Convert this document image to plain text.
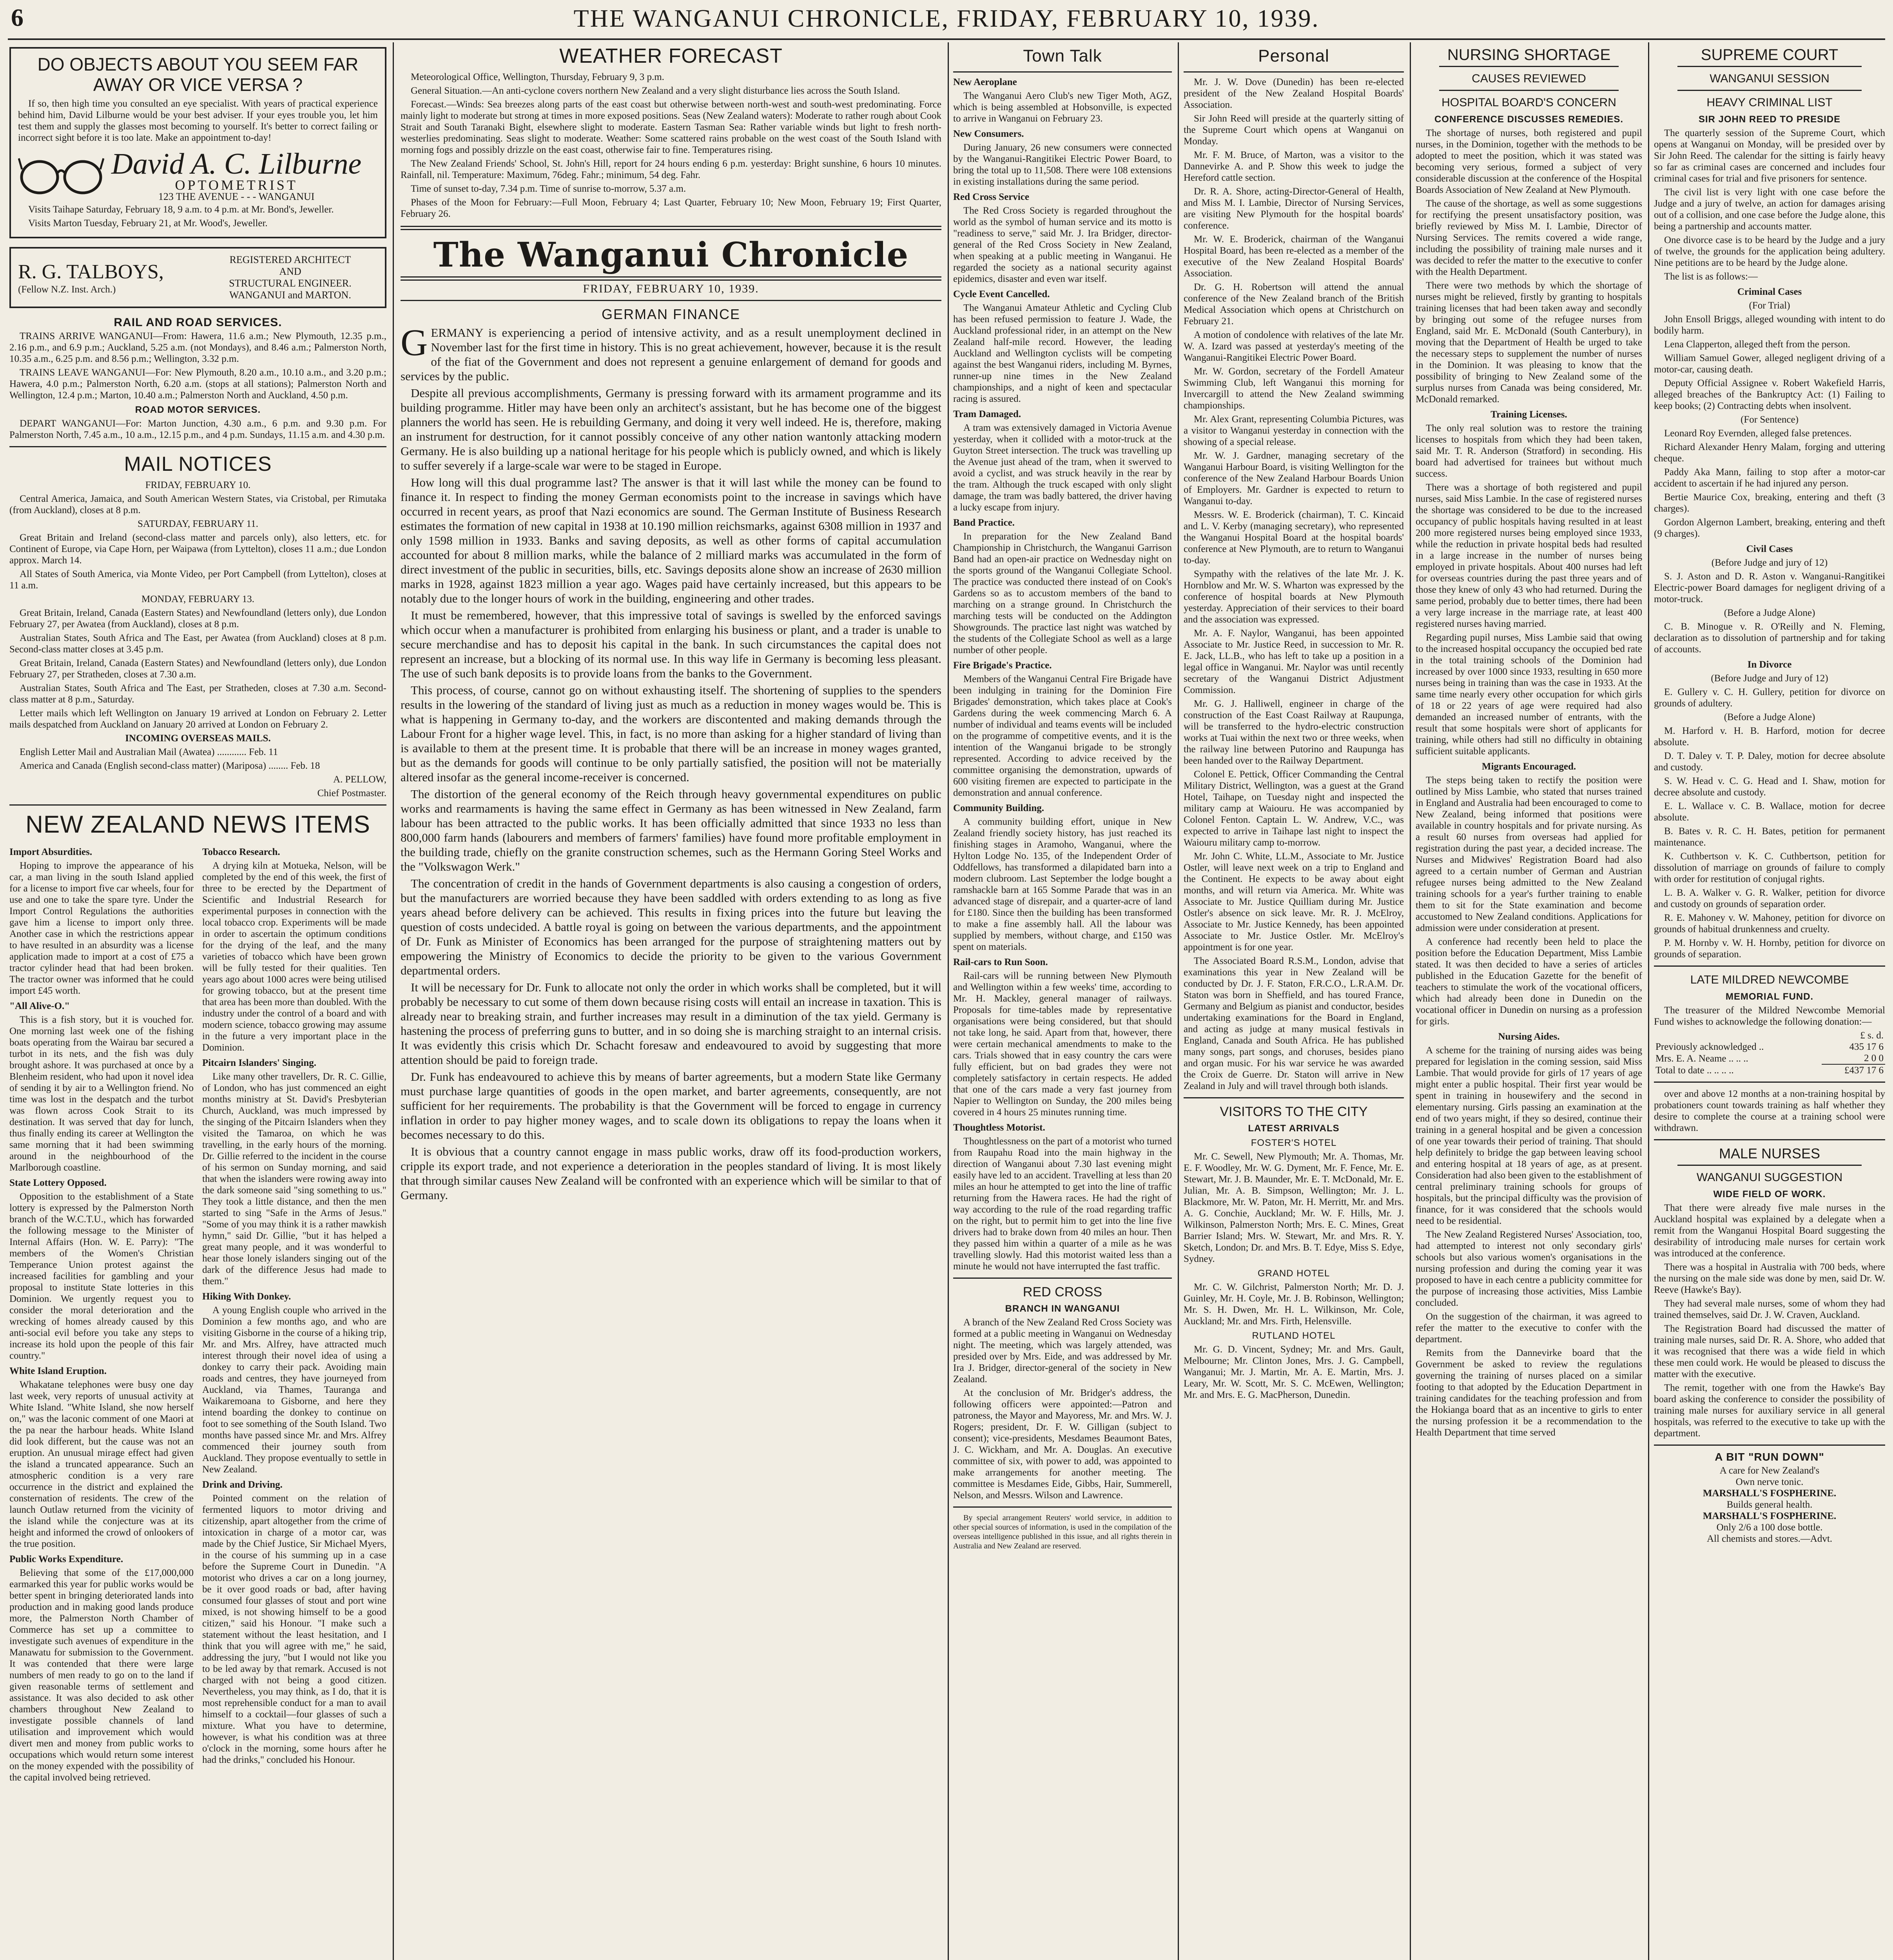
6	THE WANGANUI CHRONICLE, FRIDAY, FEBRUARY 10, 1939.
DO OBJECTS ABOUT YOU SEEM FAR AWAY OR VICE VERSA ?

If so, then high time you consulted an eye specialist. With years of practical experience behind him, David Lilburne would be your best adviser. If your eyes trouble you, let him test them and supply the glasses most becoming to yourself. It's better to correct failing or incorrect sight before it is too late. Make an appointment to-day!

David A. C. Lilburne
OPTOMETRIST
123 THE AVENUE - - - WANGANUI

Visits Taihape Saturday, February 18, 9 a.m. to 4 p.m. at Mr. Bond's, Jeweller.

Visits Marton Tuesday, February 21, at Mr. Wood's, Jeweller.

R. G. TALBOYS,
(Fellow N.Z. Inst. Arch.)
REGISTERED ARCHITECT
AND
STRUCTURAL ENGINEER.
WANGANUI and MARTON.
RAIL AND ROAD SERVICES.

TRAINS ARRIVE WANGANUI—From: Hawera, 11.6 a.m.; New Plymouth, 12.35 p.m., 2.16 p.m., and 6.9 p.m.; Auckland, 5.25 a.m. (not Mondays), and 8.46 a.m.; Palmerston North, 10.35 a.m., 6.25 p.m. and 8.56 p.m.; Wellington, 3.32 p.m.

TRAINS LEAVE WANGANUI—For: New Plymouth, 8.20 a.m., 10.10 a.m., and 3.20 p.m.; Hawera, 4.0 p.m.; Palmerston North, 6.20 a.m. (stops at all stations); Palmerston North and Wellington, 12.4 p.m.; Marton, 10.40 a.m.; Palmerston North and Auckland, 4.50 p.m.

ROAD MOTOR SERVICES.

DEPART WANGANUI—For: Marton Junction, 4.30 a.m., 6 p.m. and 9.30 p.m. For Palmerston North, 7.45 a.m., 10 a.m., 12.15 p.m., and 4 p.m. Sundays, 11.15 a.m. and 4.30 p.m.

MAIL NOTICES

FRIDAY, FEBRUARY 10.

Central America, Jamaica, and South American Western States, via Cristobal, per Rimutaka (from Auckland), closes at 8 p.m.

SATURDAY, FEBRUARY 11.

Great Britain and Ireland (second-class matter and parcels only), also letters, etc. for Continent of Europe, via Cape Horn, per Waipawa (from Lyttelton), closes 11 a.m.; due London approx. March 14.

All States of South America, via Monte Video, per Port Campbell (from Lyttelton), closes at 11 a.m.

MONDAY, FEBRUARY 13.

Great Britain, Ireland, Canada (Eastern States) and Newfoundland (letters only), due London February 27, per Awatea (from Auckland), closes at 8 p.m.

Australian States, South Africa and The East, per Awatea (from Auckland) closes at 8 p.m. Second-class matter closes at 3.45 p.m.

Great Britain, Ireland, Canada (Eastern States) and Newfoundland (letters only), due London February 27, per Stratheden, closes at 7.30 a.m.

Australian States, South Africa and The East, per Stratheden, closes at 7.30 a.m. Second-class matter at 8 p.m., Saturday.

Letter mails which left Wellington on January 19 arrived at London on February 2. Letter mails despatched from Auckland on January 20 arrived at London on February 2.

INCOMING OVERSEAS MAILS.

English Letter Mail and Australian Mail (Awatea) ............ Feb. 11

America and Canada (English second-class matter) (Mariposa) ........ Feb. 18

A. PELLOW,

Chief Postmaster.

NEW ZEALAND NEWS ITEMS

Import Absurdities.

Hoping to improve the appearance of his car, a man living in the south Island applied for a license to import five car wheels, four for use and one to take the spare tyre. Under the Import Control Regulations the authorities gave him a license to import only three. Another case in which the restrictions appear to have resulted in an absurdity was a license application made to import at a cost of £75 a tractor cylinder head that had been broken. The tractor owner was informed that he could import £45 worth.

"All Alive-O."

This is a fish story, but it is vouched for. One morning last week one of the fishing boats operating from the Wairau bar secured a turbot in its nets, and the fish was duly brought ashore. It was purchased at once by a Blenheim resident, who had upon it novel idea of sending it by air to a Wellington friend. No time was lost in the despatch and the turbot was flown across Cook Strait to its destination. It was served that day for lunch, thus finally ending its career at Wellington the same morning that it had been swimming around in the neighbourhood of the Marlborough coastline.

State Lottery Opposed.

Opposition to the establishment of a State lottery is expressed by the Palmerston North branch of the W.C.T.U., which has forwarded the following message to the Minister of Internal Affairs (Hon. W. E. Parry): "The members of the Women's Christian Temperance Union protest against the increased facilities for gambling and your proposal to institute State lotteries in this Dominion. We urgently request you to consider the moral deterioration and the wrecking of homes already caused by this anti-social evil before you take any steps to increase its hold upon the people of this fair country."

White Island Eruption.

Whakatane telephones were busy one day last week, very reports of unusual activity at White Island. "White Island, she now herself on," was the laconic comment of one Maori at the pa near the harbour heads. White Island did look different, but the cause was not an eruption. An unusual mirage effect had given the island a truncated appearance. Such an atmospheric condition is a very rare occurrence in the district and explained the consternation of residents. The crew of the launch Outlaw returned from the vicinity of the island while the conjecture was at its height and informed the crowd of onlookers of the true position.

Public Works Expenditure.

Believing that some of the £17,000,000 earmarked this year for public works would be better spent in bringing deteriorated lands into production and in making good lands produce more, the Palmerston North Chamber of Commerce has set up a committee to investigate such avenues of expenditure in the Manawatu for submission to the Government. It was contended that there were large numbers of men ready to go on to the land if given reasonable terms of settlement and assistance. It was also decided to ask other chambers throughout New Zealand to investigate possible channels of land utilisation and improvement which would divert men and money from public works to occupations which would return some interest on the money expended with the possibility of the capital involved being retrieved.

Tobacco Research.

A drying kiln at Motueka, Nelson, will be completed by the end of this week, the first of three to be erected by the Department of Scientific and Industrial Research for experimental purposes in connection with the local tobacco crop. Experiments will be made in order to ascertain the optimum conditions for the drying of the leaf, and the many varieties of tobacco which have been grown will be fully tested for their qualities. Ten years ago about 1000 acres were being utilised for growing tobacco, but at the present time that area has been more than doubled. With the industry under the control of a board and with modern science, tobacco growing may assume in the future a very important place in the Dominion.

Pitcairn Islanders' Singing.

Like many other travellers, Dr. R. C. Gillie, of London, who has just commenced an eight months ministry at St. David's Presbyterian Church, Auckland, was much impressed by the singing of the Pitcairn Islanders when they visited the Tamaroa, on which he was travelling, in the early hours of the morning. Dr. Gillie referred to the incident in the course of his sermon on Sunday morning, and said that when the islanders were rowing away into the dark someone said "sing something to us." They took a little distance, and then the men started to sing "Safe in the Arms of Jesus." "Some of you may think it is a rather mawkish hymn," said Dr. Gillie, "but it has helped a great many people, and it was wonderful to hear those lonely islanders singing out of the dark of the difference Jesus had made to them."

Hiking With Donkey.

A young English couple who arrived in the Dominion a few months ago, and who are visiting Gisborne in the course of a hiking trip, Mr. and Mrs. Alfrey, have attracted much interest through their novel idea of using a donkey to carry their pack. Avoiding main roads and centres, they have journeyed from Auckland, via Thames, Tauranga and Waikaremoana to Gisborne, and here they intend boarding the donkey to continue on foot to see something of the South Island. Two months have passed since Mr. and Mrs. Alfrey commenced their journey south from Auckland. They propose eventually to settle in New Zealand.

Drink and Driving.

Pointed comment on the relation of fermented liquors to motor driving and citizenship, apart altogether from the crime of intoxication in charge of a motor car, was made by the Chief Justice, Sir Michael Myers, in the course of his summing up in a case before the Supreme Court in Dunedin. "A motorist who drives a car on a long journey, be it over good roads or bad, after having consumed four glasses of stout and port wine mixed, is not showing himself to be a good citizen," said his Honour. "I make such a statement without the least hesitation, and I think that you will agree with me," he said, addressing the jury, "but I would not like you to be led away by that remark. Accused is not charged with not being a good citizen. Nevertheless, you may think, as I do, that it is most reprehensible conduct for a man to avail himself to a cocktail—four glasses of such a mixture. What you have to determine, however, is what his condition was at three o'clock in the morning, some hours after he had the drinks," concluded his Honour.

WEATHER FORECAST

Meteorological Office, Wellington, Thursday, February 9, 3 p.m.

General Situation.—An anti-cyclone covers northern New Zealand and a very slight disturbance lies across the South Island.

Forecast.—Winds: Sea breezes along parts of the east coast but otherwise between north-west and south-west predominating. Force mainly light to moderate but strong at times in more exposed positions. Seas (New Zealand waters): Moderate to rather rough about Cook Strait and South Taranaki Bight, elsewhere slight to moderate. Eastern Tasman Sea: Rather variable winds but light to fresh north-westerlies predominating. Seas slight to moderate. Weather: Some scattered rains probable on the west coast of the South Island with morning fogs and possibly drizzle on the east coast, otherwise fair to fine. Temperatures rising.

The New Zealand Friends' School, St. John's Hill, report for 24 hours ending 6 p.m. yesterday: Bright sunshine, 6 hours 10 minutes. Rainfall, nil. Temperature: Maximum, 76deg. Fahr.; minimum, 54 deg. Fahr.

Time of sunset to-day, 7.34 p.m. Time of sunrise to-morrow, 5.37 a.m.

Phases of the Moon for February:—Full Moon, February 4; Last Quarter, February 10; New Moon, February 19; First Quarter, February 26.

The Wanganui Chronicle
FRIDAY, FEBRUARY 10, 1939.
GERMAN FINANCE

GERMANY is experiencing a period of intensive activity, and as a result unemployment declined in November last for the first time in history. This is no great achievement, however, because it is the result of the fiat of the Government and does not represent a genuine enlargement of demand for goods and services by the public.

Despite all previous accomplishments, Germany is pressing forward with its armament programme and its building programme. Hitler may have been only an architect's assistant, but he has become one of the biggest planners the world has seen. He is rebuilding Germany, and doing it very well indeed. He is, therefore, making an instrument for destruction, for it cannot possibly conceive of any other nation wantonly attacking modern Germany. He is also building up a national heritage for his people which is publicly owned, and which is likely to suffer severely if a large-scale war were to be staged in Europe.

How long will this dual programme last? The answer is that it will last while the money can be found to finance it. In respect to finding the money German economists point to the increase in savings which have occurred in recent years, as proof that Nazi economics are sound. The German Institute of Business Research estimates the formation of new capital in 1938 at 10.190 million reichsmarks, against 6308 million in 1937 and only 1598 million in 1933. Banks and saving deposits, as well as other forms of capital accumulation accounted for about 8 million marks, while the balance of 2 milliard marks was accumulated in the form of direct investment of the public in securities, bills, etc. Savings deposits alone show an increase of 2630 million marks in 1928, against 1823 million a year ago. Wages paid have certainly increased, but this appears to be notably due to the longer hours of work in the building, engineering and other trades.

It must be remembered, however, that this impressive total of savings is swelled by the enforced savings which occur when a manufacturer is prohibited from enlarging his business or plant, and a trader is unable to secure merchandise and has to deposit his capital in the bank. In such circumstances the capital does not represent an increase, but a blocking of its normal use. In this way life in Germany is becoming less pleasant. The use of such bank deposits is to provide loans from the banks to the Government.

This process, of course, cannot go on without exhausting itself. The shortening of supplies to the spenders results in the lowering of the standard of living just as much as a reduction in money wages would be. This is what is happening in Germany to-day, and the workers are discontented and making demands through the Labour Front for a higher wage level. This, in fact, is no more than asking for a higher standard of living than is available to them at the present time. It is probable that there will be an increase in money wages granted, but as the demands for goods will continue to be only partially satisfied, the position will not be materially altered insofar as the general income-receiver is concerned.

The distortion of the general economy of the Reich through heavy governmental expenditures on public works and rearmaments is having the same effect in Germany as has been witnessed in New Zealand, farm labour has been attracted to the public works. It has been officially admitted that since 1933 no less than 800,000 farm hands (labourers and members of farmers' families) have found more profitable employment in the building trade, chiefly on the granite construction schemes, such as the Hermann Goring Steel Works and the "Volkswagon Werk."

The concentration of credit in the hands of Government departments is also causing a congestion of orders, but the manufacturers are worried because they have been saddled with orders extending to as long as five years ahead before delivery can be achieved. This results in fixing prices into the future but leaving the question of costs undecided. A battle royal is going on between the various departments, and the appointment of Dr. Funk as Minister of Economics has been arranged for the purpose of straightening matters out by empowering the Ministry of Economics to decide the priority to be given to the various Government departmental orders.

It will be necessary for Dr. Funk to allocate not only the order in which works shall be completed, but it will probably be necessary to cut some of them down because rising costs will entail an increase in taxation. This is already near to breaking strain, and further increases may result in a diminution of the tax yield. Germany is hastening the process of preferring guns to butter, and in so doing she is marching straight to an internal crisis. It was evidently this crisis which Dr. Schacht foresaw and endeavoured to avoid by suggesting that more attention should be paid to foreign trade.

Dr. Funk has endeavoured to achieve this by means of barter agreements, but a modern State like Germany must purchase large quantities of goods in the open market, and barter agreements, consequently, are not sufficient for her requirements. The probability is that the Government will be forced to engage in currency inflation in order to pay higher money wages, and to scale down its obligations to repay the loans when it becomes necessary to do this.

It is obvious that a country cannot engage in mass public works, draw off its food-production workers, cripple its export trade, and not experience a deterioration in the peoples standard of living. It is most likely that through similar causes New Zealand will be confronted with an experience which will be similar to that of Germany.

Town Talk

New Aeroplane

The Wanganui Aero Club's new Tiger Moth, AGZ, which is being assembled at Hobsonville, is expected to arrive in Wanganui on February 23.

New Consumers.

During January, 26 new consumers were connected by the Wanganui-Rangitikei Electric Power Board, to bring the total up to 11,508. There were 108 extensions in existing installations during the same period.

Red Cross Service

The Red Cross Society is regarded throughout the world as the symbol of human service and its motto is "readiness to serve," said Mr. J. Ira Bridger, director-general of the Red Cross Society in New Zealand, when speaking at a public meeting in Wanganui. He regarded the society as a national security against epidemics, disaster and even war itself.

Cycle Event Cancelled.

The Wanganui Amateur Athletic and Cycling Club has been refused permission to feature J. Wade, the Auckland professional rider, in an attempt on the New Zealand half-mile record. However, the leading Auckland and Wellington cyclists will be competing against the best Wanganui riders, including M. Byrnes, runner-up nine times in the New Zealand championships, and a night of keen and spectacular racing is assured.

Tram Damaged.

A tram was extensively damaged in Victoria Avenue yesterday, when it collided with a motor-truck at the Guyton Street intersection. The truck was travelling up the Avenue just ahead of the tram, when it swerved to avoid a cyclist, and was struck heavily in the rear by the tram. Although the truck escaped with only slight damage, the tram was badly battered, the driver having a lucky escape from injury.

Band Practice.

In preparation for the New Zealand Band Championship in Christchurch, the Wanganui Garrison Band had an open-air practice on Wednesday night on the sports ground of the Wanganui Collegiate School. The practice was conducted there instead of on Cook's Gardens so as to accustom members of the band to marching on a strange ground. In Christchurch the marching tests will be conducted on the Addington Showgrounds. The practice last night was watched by the students of the Collegiate School as well as a large number of other people.

Fire Brigade's Practice.

Members of the Wanganui Central Fire Brigade have been indulging in training for the Dominion Fire Brigades' demonstration, which takes place at Cook's Gardens during the week commencing March 6. A number of individual and teams events will be included on the programme of competitive events, and it is the intention of the Wanganui brigade to be strongly represented. According to advice received by the committee organising the demonstration, upwards of 600 visiting firemen are expected to participate in the demonstration and annual conference.

Community Building.

A community building effort, unique in New Zealand friendly society history, has just reached its finishing stages in Aramoho, Wanganui, where the Hylton Lodge No. 135, of the Independent Order of Oddfellows, has transformed a dilapidated barn into a modern clubroom. Last September the lodge bought a ramshackle barn at 165 Somme Parade that was in an advanced stage of disrepair, and a quarter-acre of land for £180. Since then the building has been transformed to make a fine assembly hall. All the labour was supplied by members, without charge, and £150 was spent on materials.

Rail-cars to Run Soon.

Rail-cars will be running between New Plymouth and Wellington within a few weeks' time, according to Mr. H. Mackley, general manager of railways. Proposals for time-tables made by representative organisations were being considered, but that should not take long, he said. Apart from that, however, there were certain mechanical amendments to make to the cars. Trials showed that in easy country the cars were fully efficient, but on bad grades they were not completely satisfactory in certain respects. He added that one of the cars made a very fast journey from Napier to Wellington on Sunday, the 200 miles being covered in 4 hours 25 minutes running time.

Thoughtless Motorist.

Thoughtlessness on the part of a motorist who turned from Raupahu Road into the main highway in the direction of Wanganui about 7.30 last evening might easily have led to an accident. Travelling at less than 20 miles an hour he attempted to get into the line of traffic returning from the Hawera races. He had the right of way according to the rule of the road regarding traffic on the right, but to permit him to get into the line five drivers had to brake down from 40 miles an hour. Then they passed him within a quarter of a mile as he was travelling slowly. Had this motorist waited less than a minute he would not have interrupted the fast traffic.

RED CROSS
BRANCH IN WANGANUI

A branch of the New Zealand Red Cross Society was formed at a public meeting in Wanganui on Wednesday night. The meeting, which was largely attended, was presided over by Mrs. Eide, and was addressed by Mr. Ira J. Bridger, director-general of the society in New Zealand.

At the conclusion of Mr. Bridger's address, the following officers were appointed:—Patron and patroness, the Mayor and Mayoress, Mr. and Mrs. W. J. Rogers; president, Dr. F. W. Gilligan (subject to consent); vice-presidents, Mesdames Beaumont Bates, J. C. Wickham, and Mr. A. Douglas. An executive committee of six, with power to add, was appointed to make arrangements for another meeting. The committee is Mesdames Eide, Gibbs, Hair, Summerell, Nelson, and Messrs. Wilson and Lawrence.

By special arrangement Reuters' world service, in addition to other special sources of information, is used in the compilation of the overseas intelligence published in this issue, and all rights therein in Australia and New Zealand are reserved.

Personal

Mr. J. W. Dove (Dunedin) has been re-elected president of the New Zealand Hospital Boards' Association.

Sir John Reed will preside at the quarterly sitting of the Supreme Court which opens at Wanganui on Monday.

Mr. F. M. Bruce, of Marton, was a visitor to the Dannevirke A. and P. Show this week to judge the Hereford cattle section.

Dr. R. A. Shore, acting-Director-General of Health, and Miss M. I. Lambie, Director of Nursing Services, are visiting New Plymouth for the hospital boards' conference.

Mr. W. E. Broderick, chairman of the Wanganui Hospital Board, has been re-elected as a member of the executive of the New Zealand Hospital Boards' Association.

Dr. G. H. Robertson will attend the annual conference of the New Zealand branch of the British Medical Association which opens at Christchurch on February 21.

A motion of condolence with relatives of the late Mr. W. A. Izard was passed at yesterday's meeting of the Wanganui-Rangitikei Electric Power Board.

Mr. W. Gordon, secretary of the Fordell Amateur Swimming Club, left Wanganui this morning for Invercargill to attend the New Zealand swimming championships.

Mr. Alex Grant, representing Columbia Pictures, was a visitor to Wanganui yesterday in connection with the showing of a special release.

Mr. W. J. Gardner, managing secretary of the Wanganui Harbour Board, is visiting Wellington for the conference of the New Zealand Harbour Boards Union of Employers. Mr. Gardner is expected to return to Wanganui to-day.

Messrs. W. E. Broderick (chairman), T. C. Kincaid and L. V. Kerby (managing secretary), who represented the Wanganui Hospital Board at the hospital boards' conference at New Plymouth, are to return to Wanganui to-day.

Sympathy with the relatives of the late Mr. J. K. Hornblow and Mr. W. S. Wharton was expressed by the conference of hospital boards at New Plymouth yesterday. Appreciation of their services to their board and the association was expressed.

Mr. A. F. Naylor, Wanganui, has been appointed Associate to Mr. Justice Reed, in succession to Mr. R. E. Jack, LL.B., who has left to take up a position in a legal office in Wanganui. Mr. Naylor was until recently secretary of the Wanganui District Adjustment Commission.

Mr. G. J. Halliwell, engineer in charge of the construction of the East Coast Railway at Raupunga, will be transferred to the hydro-electric construction works at Tuai within the next two or three weeks, when the railway line between Putorino and Raupunga has been handed over to the Railway Department.

Colonel E. Pettick, Officer Commanding the Central Military District, Wellington, was a guest at the Grand Hotel, Taihape, on Tuesday night and inspected the military camp at Waiouru. He was accompanied by Colonel Fenton. Captain L. W. Andrew, V.C., was expected to arrive in Taihape last night to inspect the Waiouru military camp to-morrow.

Mr. John C. White, LL.M., Associate to Mr. Justice Ostler, will leave next week on a trip to England and the Continent. He expects to be away about eight months, and will return via America. Mr. White was Associate to Mr. Justice Quilliam during Mr. Justice Ostler's absence on sick leave. Mr. R. J. McElroy, Associate to Mr. Justice Kennedy, has been appointed Associate to Mr. Justice Ostler. Mr. McElroy's appointment is for one year.

The Associated Board R.S.M., London, advise that examinations this year in New Zealand will be conducted by Dr. J. F. Staton, F.R.C.O., L.R.A.M. Dr. Staton was born in Sheffield, and has toured France, Germany and Belgium as pianist and conductor, besides undertaking examinations for the Board in England, and acting as judge at many musical festivals in England, Canada and South Africa. He has published many songs, part songs, and choruses, besides piano and organ music. For his war service he was awarded the Croix de Guerre. Dr. Staton will arrive in New Zealand in July and will travel through both islands.

VISITORS TO THE CITY
LATEST ARRIVALS
FOSTER'S HOTEL

Mr. C. Sewell, New Plymouth; Mr. A. Thomas, Mr. E. F. Woodley, Mr. W. G. Dyment, Mr. F. Fence, Mr. E. Stewart, Mr. J. B. Maunder, Mr. E. T. McDonald, Mr. E. Julian, Mr. A. B. Simpson, Wellington; Mr. J. L. Blackmore, Mr. W. Paton, Mr. H. Merritt, Mr. and Mrs. A. G. Conchie, Auckland; Mr. W. F. Hills, Mr. J. Wilkinson, Palmerston North; Mrs. E. C. Mines, Great Barrier Island; Mrs. W. Stewart, Mr. and Mrs. R. Y. Sketch, London; Dr. and Mrs. B. T. Edye, Miss S. Edye, Sydney.

GRAND HOTEL

Mr. C. W. Gilchrist, Palmerston North; Mr. D. J. Guinley, Mr. H. Coyle, Mr. J. B. Robinson, Wellington; Mr. S. H. Dwen, Mr. H. L. Wilkinson, Mr. Cole, Auckland; Mr. and Mrs. Firth, Helensville.

RUTLAND HOTEL

Mr. G. D. Vincent, Sydney; Mr. and Mrs. Gault, Melbourne; Mr. Clinton Jones, Mrs. J. G. Campbell, Wanganui; Mr. J. Martin, Mr. A. E. Martin, Mrs. J. Leary, Mr. W. Scott, Mr. S. C. McEwen, Wellington; Mr. and Mrs. E. G. MacPherson, Dunedin.

NURSING SHORTAGE
CAUSES REVIEWED
HOSPITAL BOARD'S CONCERN
CONFERENCE DISCUSSES REMEDIES.

The shortage of nurses, both registered and pupil nurses, in the Dominion, together with the methods to be adopted to meet the position, which it was stated was becoming very serious, formed a subject of very considerable discussion at the conference of the Hospital Boards Association of New Zealand at New Plymouth.

The cause of the shortage, as well as some suggestions for rectifying the present unsatisfactory position, was briefly reviewed by Miss M. I. Lambie, Director of Nursing Services. The remits covered a wide range, including the possibility of training male nurses and it was decided to refer the matter to the executive to confer with the Health Department.

There were two methods by which the shortage of nurses might be relieved, firstly by granting to hospitals training licenses that had been taken away and secondly by bringing out some of the refugee nurses from England, said Mr. E. McDonald (South Canterbury), in moving that the Department of Health be urged to take the necessary steps to supplement the number of nurses in the Dominion. It was pleasing to know that the possibility of bringing to New Zealand some of the surplus nurses from Canada was being considered, Mr. McDonald remarked.

Training Licenses.

The only real solution was to restore the training licenses to hospitals from which they had been taken, said Mr. T. R. Anderson (Stratford) in seconding. His board had advertised for trainees but without much success.

There was a shortage of both registered and pupil nurses, said Miss Lambie. In the case of registered nurses the shortage was considered to be due to the increased occupancy of public hospitals having resulted in at least 200 more registered nurses being employed since 1933, while the reduction in private hospital beds had resulted in a large increase in the number of nurses being employed in private hospitals. About 400 nurses had left for overseas countries during the past three years and of those they knew of only 43 who had returned. During the same period, probably due to better times, there had been a very large increase in the marriage rate, at least 400 registered nurses having married.

Regarding pupil nurses, Miss Lambie said that owing to the increased hospital occupancy the occupied bed rate in the total training schools of the Dominion had increased by over 1000 since 1933, resulting in 650 more nurses being in training than was the case in 1933. At the same time nearly every other occupation for which girls of 18 or 22 years of age were required had also demanded an increased number of entrants, with the result that some hospitals were short of applicants for training, while others had still no difficulty in obtaining sufficient suitable applicants.

Migrants Encouraged.

The steps being taken to rectify the position were outlined by Miss Lambie, who stated that nurses trained in England and Australia had been encouraged to come to New Zealand, being informed that positions were available in country hospitals and for private nursing. As a result 60 nurses from overseas had applied for registration during the past year, a decided increase. The Nurses and Midwives' Registration Board had also agreed to a certain number of German and Austrian refugee nurses being admitted to the New Zealand training schools for a year's further training to enable them to sit for the State examination and become accustomed to New Zealand conditions. Applications for admission were under consideration at present.

A conference had recently been held to place the position before the Education Department, Miss Lambie stated. It was then decided to have a series of articles published in the Education Gazette for the benefit of teachers to stimulate the work of the vocational officers, which had already been done in Dunedin on the vocational officer in Dunedin on nursing as a profession for girls.

Nursing Aides.

A scheme for the training of nursing aides was being prepared for legislation in the coming session, said Miss Lambie. That would provide for girls of 17 years of age might enter a public hospital. Their first year would be spent in training in housewifery and the second in elementary nursing. Girls passing an examination at the end of two years might, if they so desired, continue their training in a general hospital and be given a concession of one year towards their period of training. That should help definitely to bridge the gap between leaving school and entering hospital at 18 years of age, as at present. Consideration had also been given to the establishment of central preliminary training schools for groups of hospitals, but the principal difficulty was the provision of finance, for it was considered that the schools would need to be residential.

The New Zealand Registered Nurses' Association, too, had attempted to interest not only secondary girls' schools but also various women's organisations in the nursing profession and during the coming year it was proposed to have in each centre a publicity committee for the purpose of increasing those activities, Miss Lambie concluded.

On the suggestion of the chairman, it was agreed to refer the matter to the executive to confer with the department.

Remits from the Dannevirke board that the Government be asked to review the regulations governing the training of nurses placed on a similar footing to that adopted by the Education Department in training candidates for the teaching profession and from the Hokianga board that as an incentive to girls to enter the nursing profession it be a recommendation to the Health Department that time served

SUPREME COURT
WANGANUI SESSION
HEAVY CRIMINAL LIST
SIR JOHN REED TO PRESIDE

The quarterly session of the Supreme Court, which opens at Wanganui on Monday, will be presided over by Sir John Reed. The calendar for the sitting is fairly heavy so far as criminal cases are concerned and includes four criminal cases for trial and five prisoners for sentence.

The civil list is very light with one case before the Judge and a jury of twelve, an action for damages arising out of a collision, and one case before the Judge alone, this being a partnership and accounts matter.

One divorce case is to be heard by the Judge and a jury of twelve, the grounds for the application being adultery. Nine petitions are to be heard by the Judge alone.

The list is as follows:—

Criminal Cases

(For Trial)

John Ensoll Briggs, alleged wounding with intent to do bodily harm.

Lena Clapperton, alleged theft from the person.

William Samuel Gower, alleged negligent driving of a motor-car, causing death.

Deputy Official Assignee v. Robert Wakefield Harris, alleged breaches of the Bankruptcy Act: (1) Failing to keep books; (2) Contracting debts when insolvent.

(For Sentence)

Leonard Roy Evernden, alleged false pretences.

Richard Alexander Henry Malam, forging and uttering cheque.

Paddy Aka Mann, failing to stop after a motor-car accident to ascertain if he had injured any person.

Bertie Maurice Cox, breaking, entering and theft (3 charges).

Gordon Algernon Lambert, breaking, entering and theft (9 charges).

Civil Cases

(Before Judge and jury of 12)

S. J. Aston and D. R. Aston v. Wanganui-Rangitikei Electric-power Board damages for negligent driving of a motor-truck.

(Before a Judge Alone)

C. B. Minogue v. R. O'Reilly and N. Fleming, declaration as to dissolution of partnership and for taking of accounts.

In Divorce

(Before Judge and Jury of 12)

E. Gullery v. C. H. Gullery, petition for divorce on grounds of adultery.

(Before a Judge Alone)

M. Harford v. H. B. Harford, motion for decree absolute.

D. T. Daley v. T. P. Daley, motion for decree absolute and custody.

S. W. Head v. C. G. Head and I. Shaw, motion for decree absolute and custody.

E. L. Wallace v. C. B. Wallace, motion for decree absolute.

B. Bates v. R. C. H. Bates, petition for permanent maintenance.

K. Cuthbertson v. K. C. Cuthbertson, petition for dissolution of marriage on grounds of failure to comply with order for restitution of conjugal rights.

L. B. A. Walker v. G. R. Walker, petition for divorce and custody on grounds of separation order.

R. E. Mahoney v. W. Mahoney, petition for divorce on grounds of habitual drunkenness and cruelty.

P. M. Hornby v. W. H. Hornby, petition for divorce on grounds of separation.

LATE MILDRED NEWCOMBE
MEMORIAL FUND.

The treasurer of the Mildred Newcombe Memorial Fund wishes to acknowledge the following donation:—

	£ s. d.
Previously acknowledged ..	435 17 6
Mrs. E. A. Neame .. .. ..	2 0 0
Total to date .. .. .. ..	£437 17 6

over and above 12 months at a non-training hospital by probationers count towards training as half whether they desire to complete the course at a training school were withdrawn.

MALE NURSES
WANGANUI SUGGESTION
WIDE FIELD OF WORK.

That there were already five male nurses in the Auckland hospital was explained by a delegate when a remit from the Wanganui Hospital Board suggesting the desirability of introducing male nurses for certain work was introduced at the conference.

There was a hospital in Australia with 700 beds, where the nursing on the male side was done by men, said Dr. W. Reeve (Hawke's Bay).

They had several male nurses, some of whom they had trained themselves, said Dr. J. W. Craven, Auckland.

The Registration Board had discussed the matter of training male nurses, said Dr. R. A. Shore, who added that it was recognised that there was a wide field in which these men could work. He would be pleased to discuss the matter with the executive.

The remit, together with one from the Hawke's Bay board asking the conference to consider the possibility of training male nurses for auxiliary service in all general hospitals, was referred to the executive to take up with the department.

A BIT "RUN DOWN"
A care for New Zealand's
Own nerve tonic.
MARSHALL'S FOSPHERINE.
Builds general health.
MARSHALL'S FOSPHERINE.
Only 2/6 a 100 dose bottle.
All chemists and stores.—Advt.
